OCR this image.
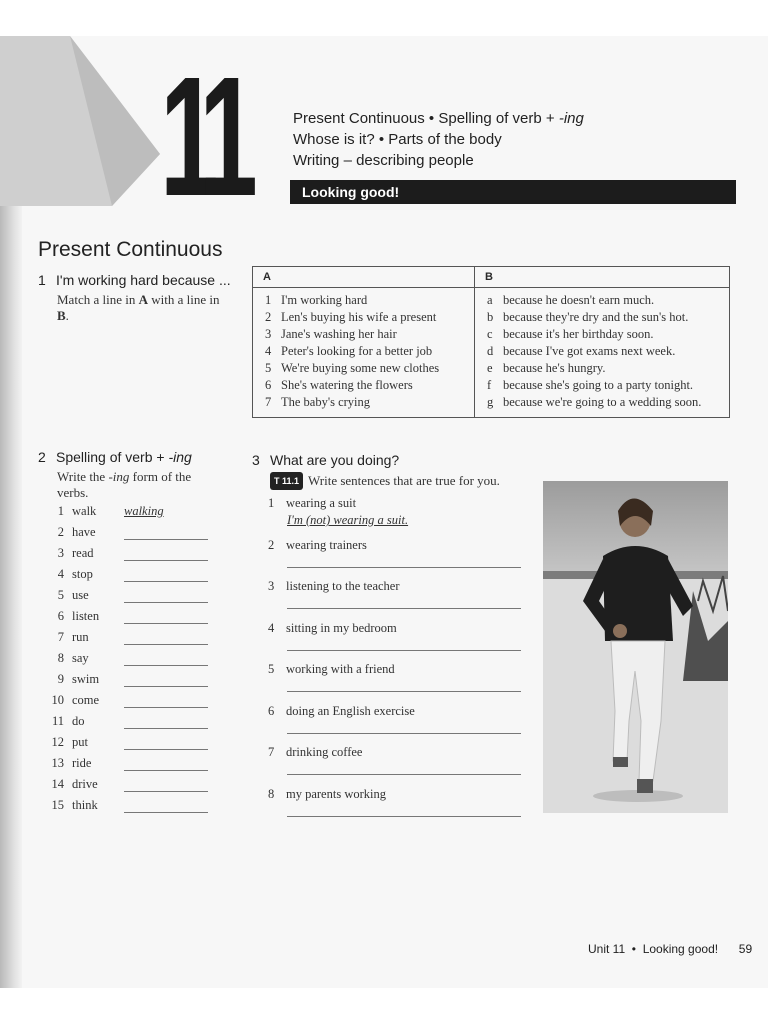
11	Present Continuous • Spelling of verb + -ing
Whose is it? • Parts of the body
Writing – describing people
Looking good!
Present Continuous
1 I'm working hard because ...
Match a line in A with a line in B.
A	B
1 I'm working hard
2 Len's buying his wife a present
3 Jane's washing her hair
4 Peter's looking for a better job
5 We're buying some new clothes
6 She's watering the flowers
7 The baby's crying
a because he doesn't earn much.
b because they're dry and the sun's hot.
c because it's her birthday soon.
d because I've got exams next week.
e because he's hungry.
f because she's going to a party tonight.
g because we're going to a wedding soon.
2 Spelling of verb + -ing
Write the -ing form of the verbs.
1 walk walking
2 have
3 read
4 stop
5 use
6 listen
7 run
8 say
9 swim
10 come
11 do
12 put
13 ride
14 drive
15 think
3 What are you doing?
T 11.1 Write sentences that are true for you.
1 wearing a suit
I'm (not) wearing a suit.
2 wearing trainers
3 listening to the teacher
4 sitting in my bedroom
5 working with a friend
6 doing an English exercise
7 drinking coffee
8 my parents working
Unit 11  •  Looking good! 59
